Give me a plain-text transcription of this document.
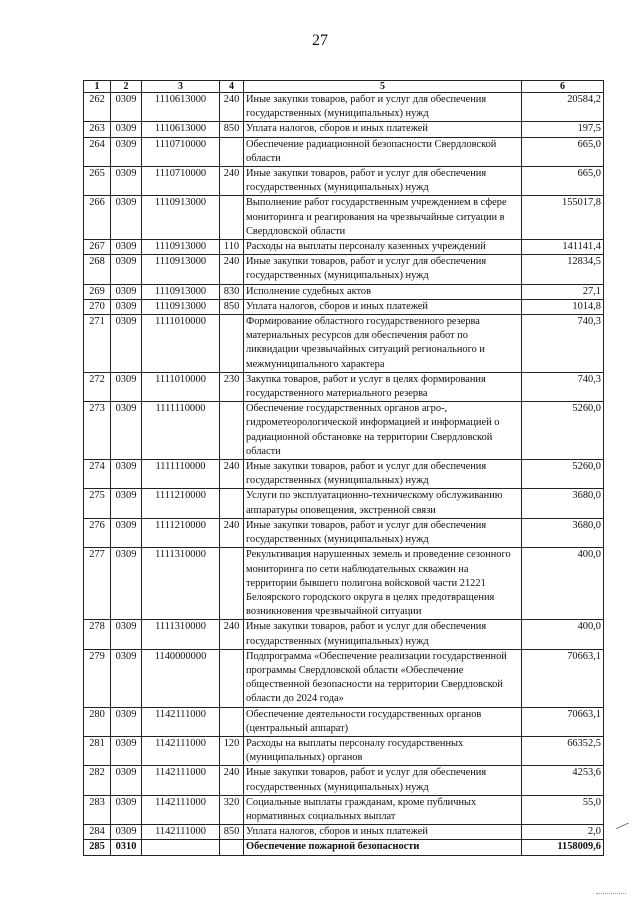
27
1	2	3	4	5	6
262	0309	1110613000	240	Иные закупки товаров, работ и услуг для обеспечения государственных (муниципальных) нужд	20584,2
263	0309	1110613000	850	Уплата налогов, сборов и иных платежей	197,5
264	0309	1110710000		Обеспечение радиационной безопасности Свердловской области	665,0
265	0309	1110710000	240	Иные закупки товаров, работ и услуг для обеспечения государственных (муниципальных) нужд	665,0
266	0309	1110913000		Выполнение работ государственным учреждением в сфере мониторинга и реагирования на чрезвычайные ситуации в Свердловской области	155017,8
267	0309	1110913000	110	Расходы на выплаты персоналу казенных учреждений	141141,4
268	0309	1110913000	240	Иные закупки товаров, работ и услуг для обеспечения государственных (муниципальных) нужд	12834,5
269	0309	1110913000	830	Исполнение судебных актов	27,1
270	0309	1110913000	850	Уплата налогов, сборов и иных платежей	1014,8
271	0309	1111010000		Формирование областного государственного резерва материальных ресурсов для обеспечения работ по ликвидации чрезвычайных ситуаций регионального и межмуниципального характера	740,3
272	0309	1111010000	230	Закупка товаров, работ и услуг в целях формирования государственного материального резерва	740,3
273	0309	1111110000		Обеспечение государственных органов агро-, гидрометеорологической информацией и информацией о радиационной обстановке на территории Свердловской области	5260,0
274	0309	1111110000	240	Иные закупки товаров, работ и услуг для обеспечения государственных (муниципальных) нужд	5260,0
275	0309	1111210000		Услуги по эксплуатационно-техническому обслуживанию аппаратуры оповещения, экстренной связи	3680,0
276	0309	1111210000	240	Иные закупки товаров, работ и услуг для обеспечения государственных (муниципальных) нужд	3680,0
277	0309	1111310000		Рекультивация нарушенных земель и проведение сезонного мониторинга по сети наблюдательных скважин на территории бывшего полигона войсковой части 21221 Белоярского городского округа в целях предотвращения возникновения чрезвычайной ситуации	400,0
278	0309	1111310000	240	Иные закупки товаров, работ и услуг для обеспечения государственных (муниципальных) нужд	400,0
279	0309	1140000000		Подпрограмма «Обеспечение реализации государственной программы Свердловской области «Обеспечение общественной безопасности на территории Свердловской области до 2024 года»	70663,1
280	0309	1142111000		Обеспечение деятельности государственных органов (центральный аппарат)	70663,1
281	0309	1142111000	120	Расходы на выплаты персоналу государственных (муниципальных) органов	66352,5
282	0309	1142111000	240	Иные закупки товаров, работ и услуг для обеспечения государственных (муниципальных) нужд	4253,6
283	0309	1142111000	320	Социальные выплаты гражданам, кроме публичных нормативных социальных выплат	55,0
284	0309	1142111000	850	Уплата налогов, сборов и иных платежей	2,0
285	0310			Обеспечение пожарной безопасности	1158009,6
